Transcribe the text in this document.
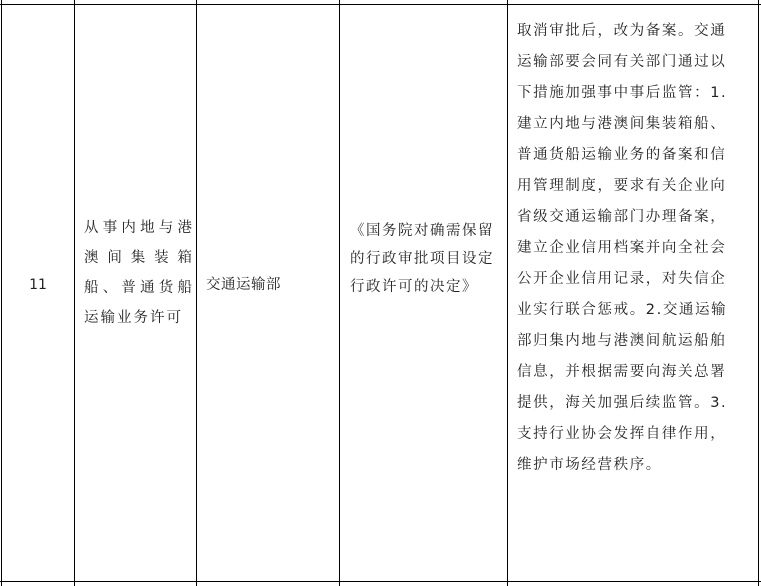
11
从事内地与港澳间集装箱船、普通货船运输业务许可
交通运输部
《国务院对确需保留的行政审批项目设定行政许可的决定》

取消审批后，改为备案。交通

运输部要会同有关部门通过以

下措施加强事中事后监管：1.

建立内地与港澳间集装箱船、

普通货船运输业务的备案和信

用管理制度，要求有关企业向

省级交通运输部门办理备案，

建立企业信用档案并向全社会

公开企业信用记录，对失信企

业实行联合惩戒。2.交通运输

部归集内地与港澳间航运船舶

信息，并根据需要向海关总署

提供，海关加强后续监管。3.

支持行业协会发挥自律作用，

维护市场经营秩序。
